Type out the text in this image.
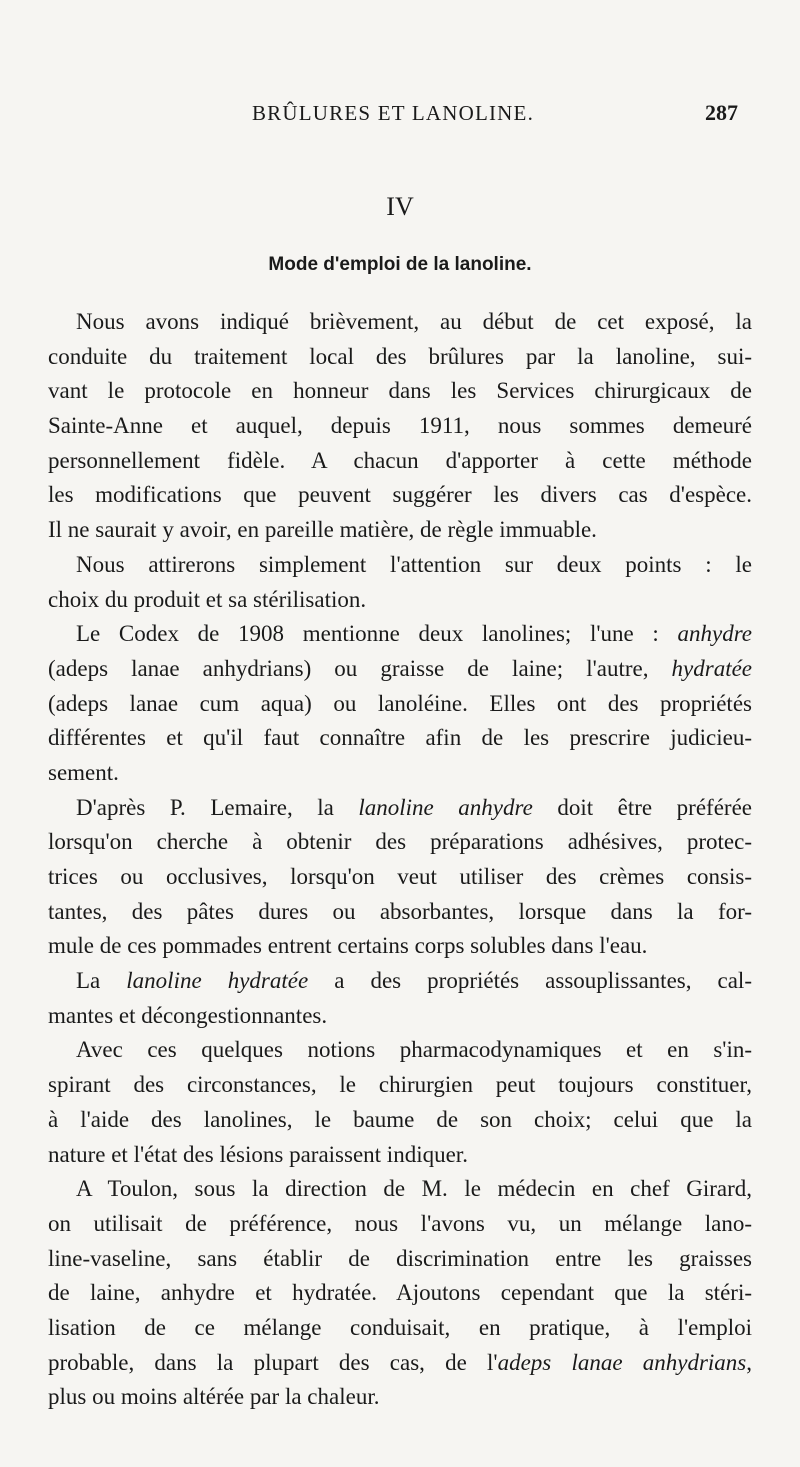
BRÛLURES ET LANOLINE.	287
IV
Mode d'emploi de la lanoline.
Nous avons indiqué brièvement, au début de cet exposé, la
conduite du traitement local des brûlures par la lanoline, sui-
vant le protocole en honneur dans les Services chirurgicaux de
Sainte-Anne et auquel, depuis 1911, nous sommes demeuré
personnellement fidèle. A chacun d'apporter à cette méthode
les modifications que peuvent suggérer les divers cas d'espèce.
Il ne saurait y avoir, en pareille matière, de règle immuable.
Nous attirerons simplement l'attention sur deux points : le
choix du produit et sa stérilisation.
Le Codex de 1908 mentionne deux lanolines; l'une : anhydre
(adeps lanae anhydrians) ou graisse de laine; l'autre, hydratée
(adeps lanae cum aqua) ou lanoléine. Elles ont des propriétés
différentes et qu'il faut connaître afin de les prescrire judicieu-
sement.
D'après P. Lemaire, la lanoline anhydre doit être préférée
lorsqu'on cherche à obtenir des préparations adhésives, protec-
trices ou occlusives, lorsqu'on veut utiliser des crèmes consis-
tantes, des pâtes dures ou absorbantes, lorsque dans la for-
mule de ces pommades entrent certains corps solubles dans l'eau.
La lanoline hydratée a des propriétés assouplissantes, cal-
mantes et décongestionnantes.
Avec ces quelques notions pharmacodynamiques et en s'in-
spirant des circonstances, le chirurgien peut toujours constituer,
à l'aide des lanolines, le baume de son choix; celui que la
nature et l'état des lésions paraissent indiquer.
A Toulon, sous la direction de M. le médecin en chef Girard,
on utilisait de préférence, nous l'avons vu, un mélange lano-
line-vaseline, sans établir de discrimination entre les graisses
de laine, anhydre et hydratée. Ajoutons cependant que la stéri-
lisation de ce mélange conduisait, en pratique, à l'emploi
probable, dans la plupart des cas, de l'adeps lanae anhydrians,
plus ou moins altérée par la chaleur.
